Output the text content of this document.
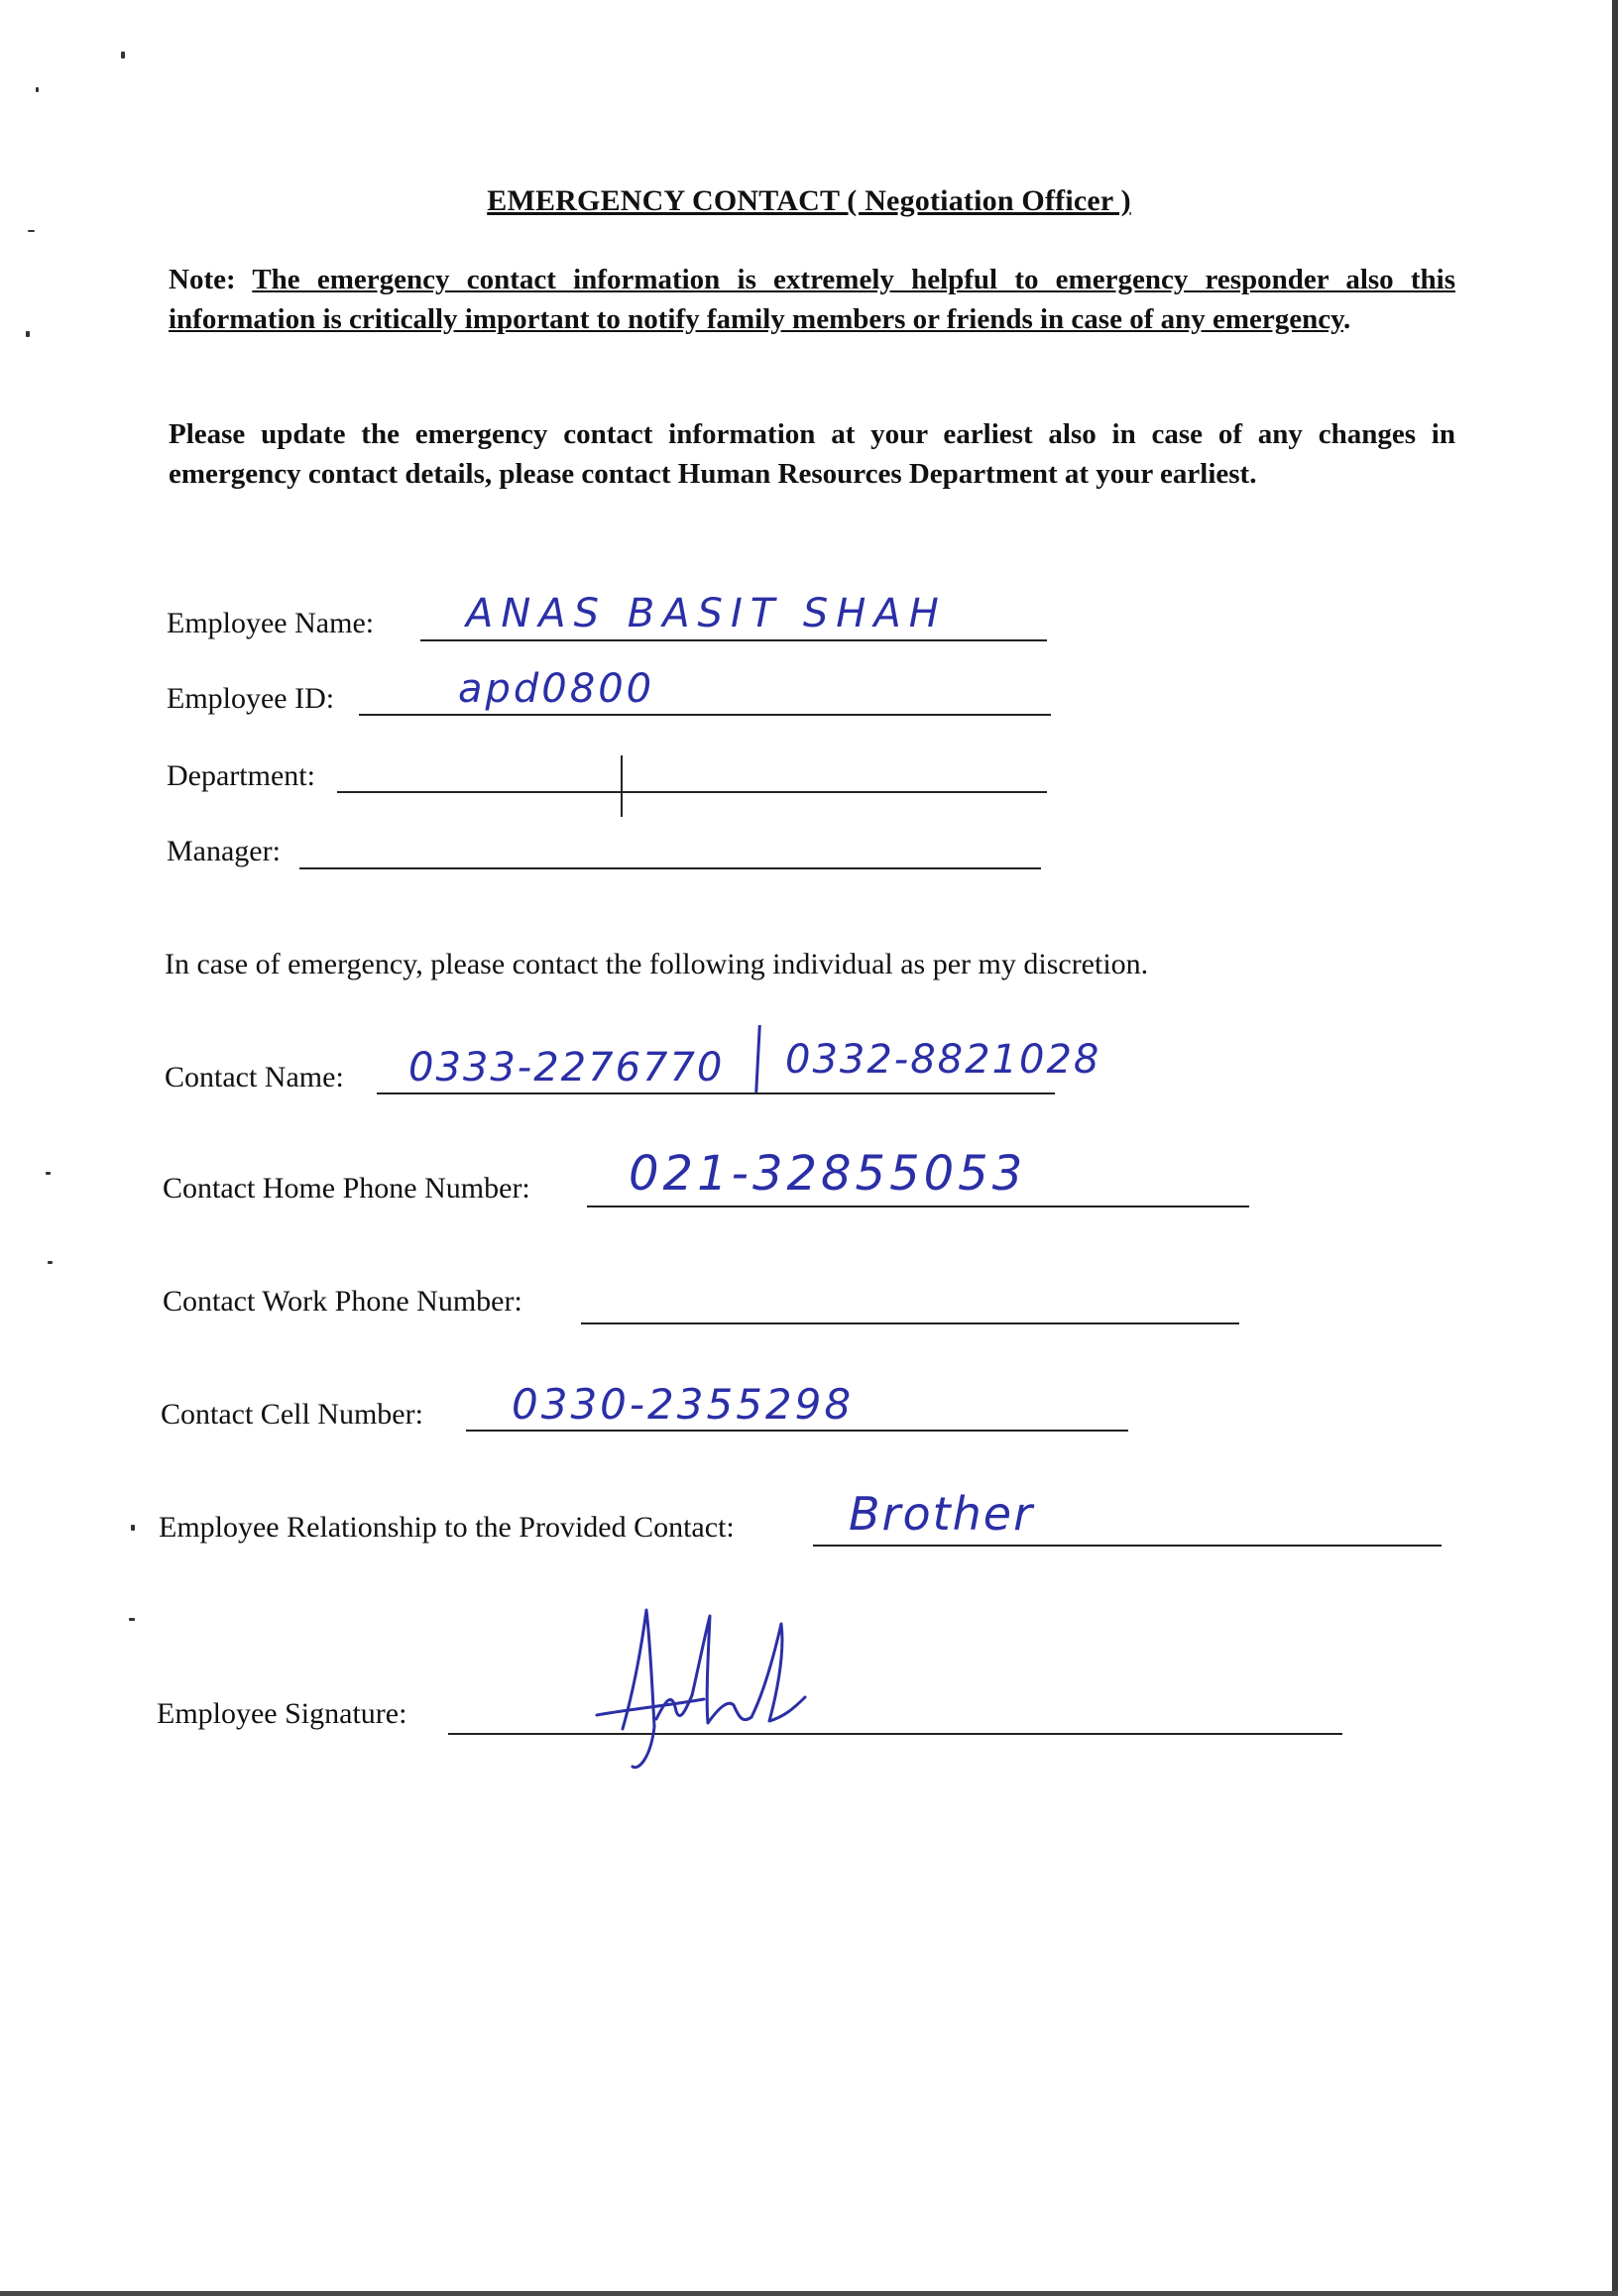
EMERGENCY CONTACT ( Negotiation Officer )
Note: The emergency contact information is extremely helpful to emergency responder also this information is critically important to notify family members or friends in case of any emergency.
Please update the emergency contact information at your earliest also in case of any changes in emergency contact details, please contact Human Resources Department at your earliest.
Employee Name: ANAS BASIT SHAH
Employee ID:	apd0800
Department:
Manager:
In case of emergency, please contact the following individual as per my discretion.
Contact Name: 0333-2276770 0332-8821028
Contact Home Phone Number: 021-32855053
Contact Work Phone Number:
Contact Cell Number: 0330-2355298
Employee Relationship to the Provided Contact:	Brother
Employee Signature:
